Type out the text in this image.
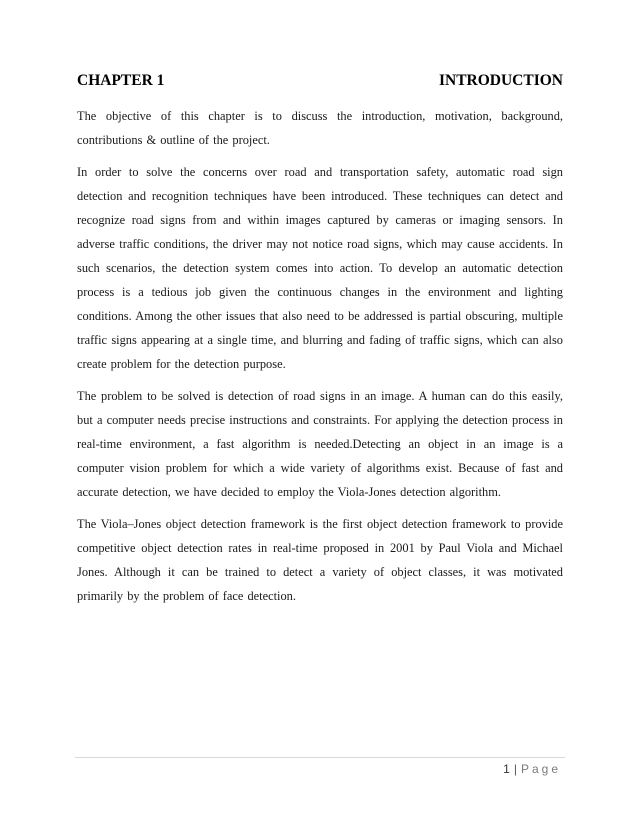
CHAPTER 1	INTRODUCTION

The objective of this chapter is to discuss the introduction, motivation, background, contributions & outline of the project.

In order to solve the concerns over road and transportation safety, automatic road sign detection and recognition techniques have been introduced. These techniques can detect and recognize road signs from and within images captured by cameras or imaging sensors. In adverse traffic conditions, the driver may not notice road signs, which may cause accidents. In such scenarios, the detection system comes into action. To develop an automatic detection process is a tedious job given the continuous changes in the environment and lighting conditions. Among the other issues that also need to be addressed is partial obscuring, multiple traffic signs appearing at a single time, and blurring and fading of traffic signs, which can also create problem for the detection purpose.

The problem to be solved is detection of road signs in an image. A human can do this easily, but a computer needs precise instructions and constraints. For applying the detection process in real-time environment, a fast algorithm is needed.Detecting an object in an image is a computer vision problem for which a wide variety of algorithms exist. Because of fast and accurate detection, we have decided to employ the Viola-Jones detection algorithm.

The Viola–Jones object detection framework is the first object detection framework to provide competitive object detection rates in real-time proposed in 2001 by Paul Viola and Michael Jones. Although it can be trained to detect a variety of object classes, it was motivated primarily by the problem of face detection.

1 | Page
